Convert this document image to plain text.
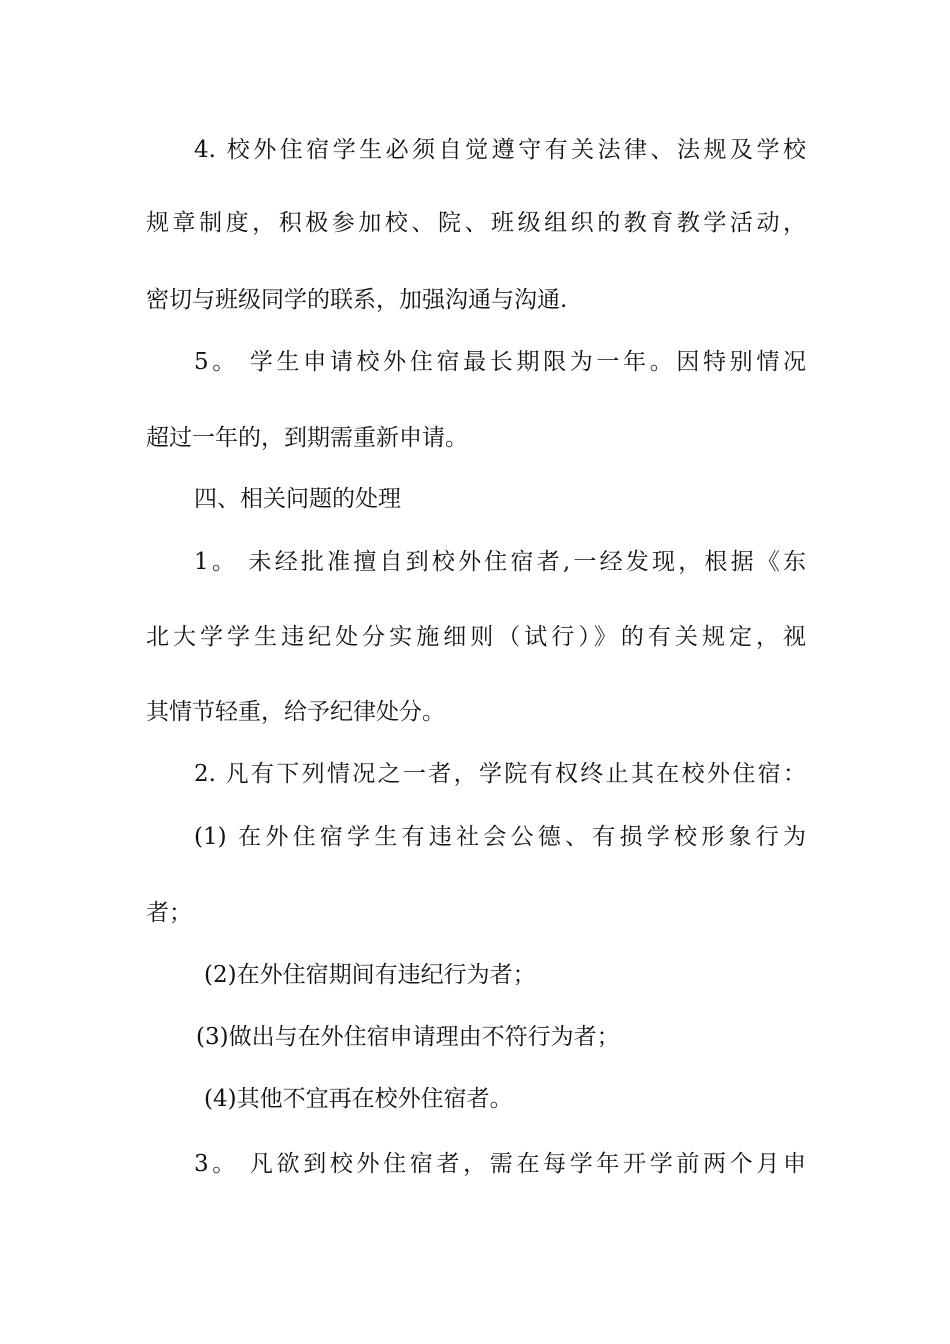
4. 校外住宿学生必须自觉遵守有关法律、法规及学校
规章制度，积极参加校、院、班级组织的教育教学活动，
密切与班级同学的联系，加强沟通与沟通.
5。 学生申请校外住宿最长期限为一年。因特别情况
超过一年的，到期需重新申请。
四、相关问题的处理
1。 未经批准擅自到校外住宿者,一经发现，根据《东
北大学学生违纪处分实施细则（试行）》的有关规定，视
其情节轻重，给予纪律处分。
2. 凡有下列情况之一者，学院有权终止其在校外住宿：
(1) 在外住宿学生有违社会公德、有损学校形象行为
者；
(2)在外住宿期间有违纪行为者；
(3)做出与在外住宿申请理由不符行为者；
(4)其他不宜再在校外住宿者。
3。 凡欲到校外住宿者，需在每学年开学前两个月申
